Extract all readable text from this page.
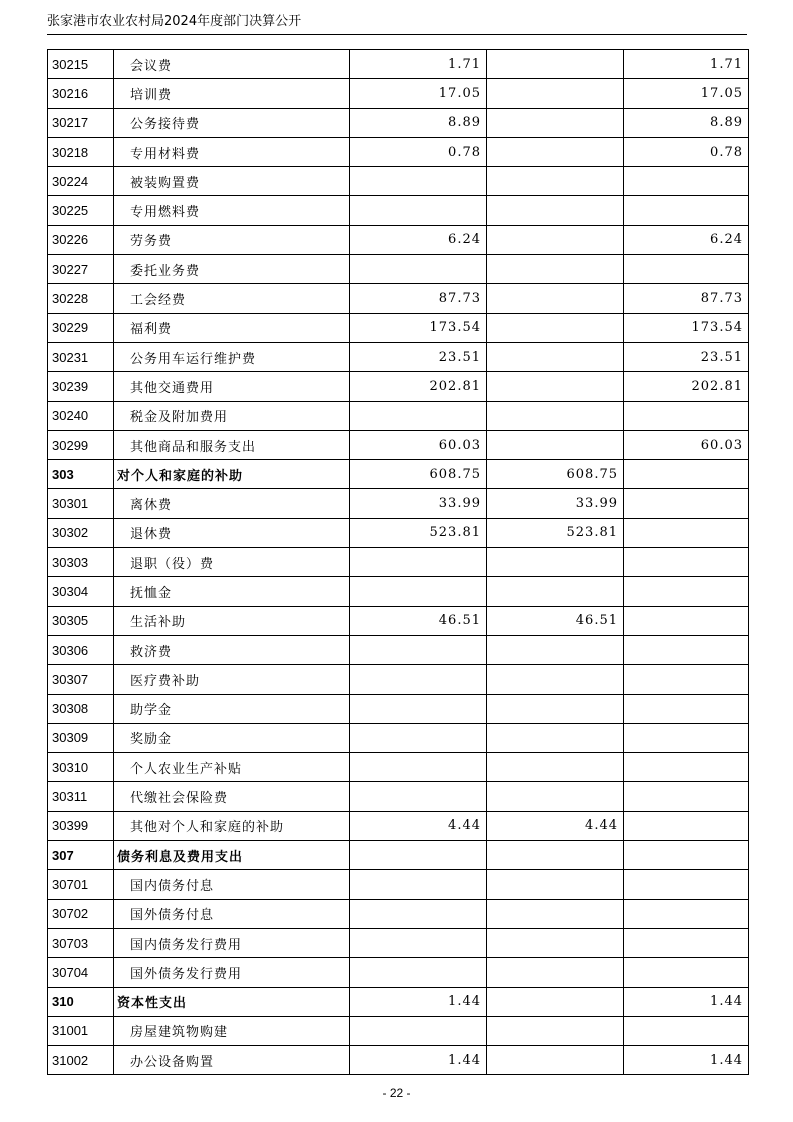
张家港市农业农村局2024年度部门决算公开
30215	会议费	1.71		1.71
30216	培训费	17.05		17.05
30217	公务接待费	8.89		8.89
30218	专用材料费	0.78		0.78
30224	被装购置费			
30225	专用燃料费			
30226	劳务费	6.24		6.24
30227	委托业务费			
30228	工会经费	87.73		87.73
30229	福利费	173.54		173.54
30231	公务用车运行维护费	23.51		23.51
30239	其他交通费用	202.81		202.81
30240	税金及附加费用			
30299	其他商品和服务支出	60.03		60.03
303	对个人和家庭的补助	608.75	608.75	
30301	离休费	33.99	33.99	
30302	退休费	523.81	523.81	
30303	退职（役）费			
30304	抚恤金			
30305	生活补助	46.51	46.51	
30306	救济费			
30307	医疗费补助			
30308	助学金			
30309	奖励金			
30310	个人农业生产补贴			
30311	代缴社会保险费			
30399	其他对个人和家庭的补助	4.44	4.44	
307	债务利息及费用支出			
30701	国内债务付息			
30702	国外债务付息			
30703	国内债务发行费用			
30704	国外债务发行费用			
310	资本性支出	1.44		1.44
31001	房屋建筑物购建			
31002	办公设备购置	1.44		1.44
- 22 -
